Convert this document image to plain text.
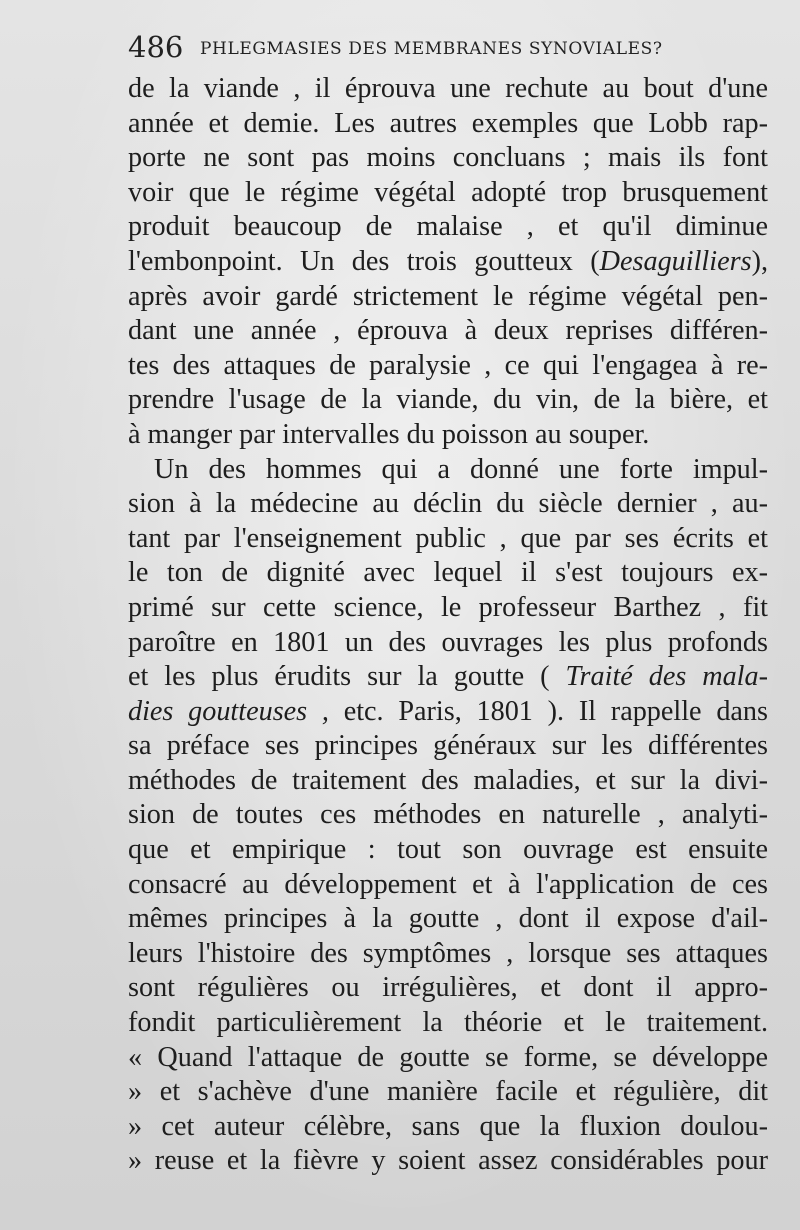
486 PHLEGMASIES DES MEMBRANES SYNOVIALES?
de la viande , il éprouva une rechute au bout d'une
année et demie. Les autres exemples que Lobb rap-
porte ne sont pas moins concluans ; mais ils font
voir que le régime végétal adopté trop brusquement
produit beaucoup de malaise , et qu'il diminue
l'embonpoint. Un des trois goutteux (Desaguilliers),
après avoir gardé strictement le régime végétal pen-
dant une année , éprouva à deux reprises différen-
tes des attaques de paralysie , ce qui l'engagea à re-
prendre l'usage de la viande, du vin, de la bière, et
à manger par intervalles du poisson au souper.
Un des hommes qui a donné une forte impul-
sion à la médecine au déclin du siècle dernier , au-
tant par l'enseignement public , que par ses écrits et
le ton de dignité avec lequel il s'est toujours ex-
primé sur cette science, le professeur Barthez , fit
paroître en 1801 un des ouvrages les plus profonds
et les plus érudits sur la goutte ( Traité des mala-
dies goutteuses , etc. Paris, 1801 ). Il rappelle dans
sa préface ses principes généraux sur les différentes
méthodes de traitement des maladies, et sur la divi-
sion de toutes ces méthodes en naturelle , analyti-
que et empirique : tout son ouvrage est ensuite
consacré au développement et à l'application de ces
mêmes principes à la goutte , dont il expose d'ail-
leurs l'histoire des symptômes , lorsque ses attaques
sont régulières ou irrégulières, et dont il appro-
fondit particulièrement la théorie et le traitement.
« Quand l'attaque de goutte se forme, se développe
» et s'achève d'une manière facile et régulière, dit
» cet auteur célèbre, sans que la fluxion doulou-
» reuse et la fièvre y soient assez considérables pour
